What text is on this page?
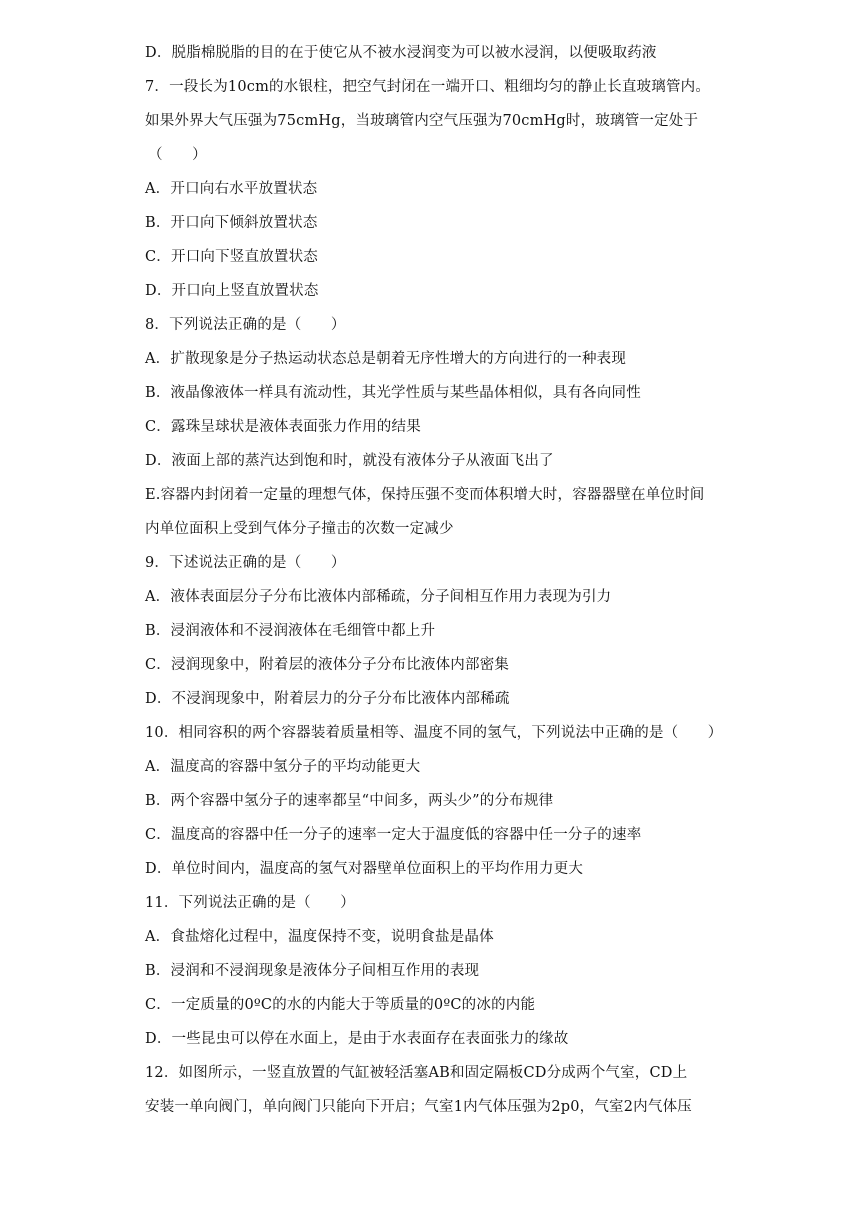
D．脱脂棉脱脂的目的在于使它从不被水浸润变为可以被水浸润，以便吸取药液
7．一段长为10cm的水银柱，把空气封闭在一端开口、粗细均匀的静止长直玻璃管内。
如果外界大气压强为75cmHg，当玻璃管内空气压强为70cmHg时，玻璃管一定处于
（　　）
A．开口向右水平放置状态
B．开口向下倾斜放置状态
C．开口向下竖直放置状态
D．开口向上竖直放置状态
8．下列说法正确的是（　　）
A．扩散现象是分子热运动状态总是朝着无序性增大的方向进行的一种表现
B．液晶像液体一样具有流动性，其光学性质与某些晶体相似，具有各向同性
C．露珠呈球状是液体表面张力作用的结果
D．液面上部的蒸汽达到饱和时，就没有液体分子从液面飞出了
E.容器内封闭着一定量的理想气体，保持压强不变而体积增大时，容器器壁在单位时间
内单位面积上受到气体分子撞击的次数一定减少
9．下述说法正确的是（　　）
A．液体表面层分子分布比液体内部稀疏，分子间相互作用力表现为引力
B．浸润液体和不浸润液体在毛细管中都上升
C．浸润现象中，附着层的液体分子分布比液体内部密集
D．不浸润现象中，附着层力的分子分布比液体内部稀疏
10．相同容积的两个容器装着质量相等、温度不同的氢气，下列说法中正确的是（　　）
A．温度高的容器中氢分子的平均动能更大
B．两个容器中氢分子的速率都呈“中间多，两头少”的分布规律
C．温度高的容器中任一分子的速率一定大于温度低的容器中任一分子的速率
D．单位时间内，温度高的氢气对器壁单位面积上的平均作用力更大
11．下列说法正确的是（　　）
A．食盐熔化过程中，温度保持不变，说明食盐是晶体
B．浸润和不浸润现象是液体分子间相互作用的表现
C．一定质量的0ºC的水的内能大于等质量的0ºC的冰的内能
D．一些昆虫可以停在水面上，是由于水表面存在表面张力的缘故
12．如图所示，一竖直放置的气缸被轻活塞AB和固定隔板CD分成两个气室，CD上
安装一单向阀门，单向阀门只能向下开启；气室1内气体压强为2p0，气室2内气体压
